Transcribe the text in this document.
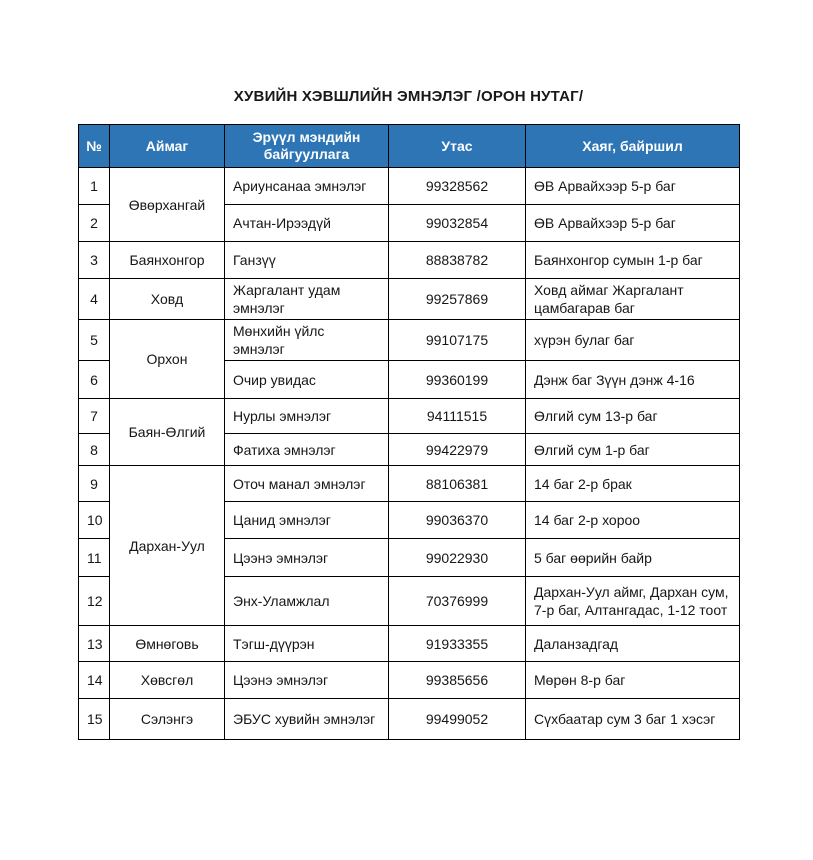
ХУВИЙН ХЭВШЛИЙН ЭМНЭЛЭГ /ОРОН НУТАГ/
№	Аймаг	Эрүүл мэндийн байгууллага	Утас	Хаяг, байршил
1	Өвөрхангай	Ариунсанаа эмнэлэг	99328562	ӨВ Арвайхээр 5-р баг
2		Ачтан-Ирээдүй	99032854	ӨВ Арвайхээр 5-р баг
3	Баянхонгор	Ганзүү	88838782	Баянхонгор сумын 1-р баг
4	Ховд	Жаргалант удам эмнэлэг	99257869	Ховд аймаг Жаргалант цамбагарав баг
5	Орхон	Мөнхийн үйлс эмнэлэг	99107175	хүрэн булаг баг
6		Очир увидас	99360199	Дэнж баг Зүүн дэнж 4-16
7	Баян-Өлгий	Нурлы эмнэлэг	94111515	Өлгий сум 13-р баг
8		Фатиха эмнэлэг	99422979	Өлгий сум 1-р баг
9	Дархан-Уул	Оточ манал эмнэлэг	88106381	14 баг 2-р брак
10		Цанид эмнэлэг	99036370	14 баг 2-р хороо
11		Цээнэ эмнэлэг	99022930	5 баг өөрийн байр
12		Энх-Уламжлал	70376999	Дархан-Уул аймг, Дархан сум, 7-р баг, Алтангадас, 1-12 тоот
13	Өмнөговь	Тэгш-дүүрэн	91933355	Даланзадгад
14	Хөвсгөл	Цээнэ эмнэлэг	99385656	Мөрөн 8-р баг
15	Сэлэнгэ	ЭБУС хувийн эмнэлэг	99499052	Сүхбаатар сум 3 баг 1 хэсэг
